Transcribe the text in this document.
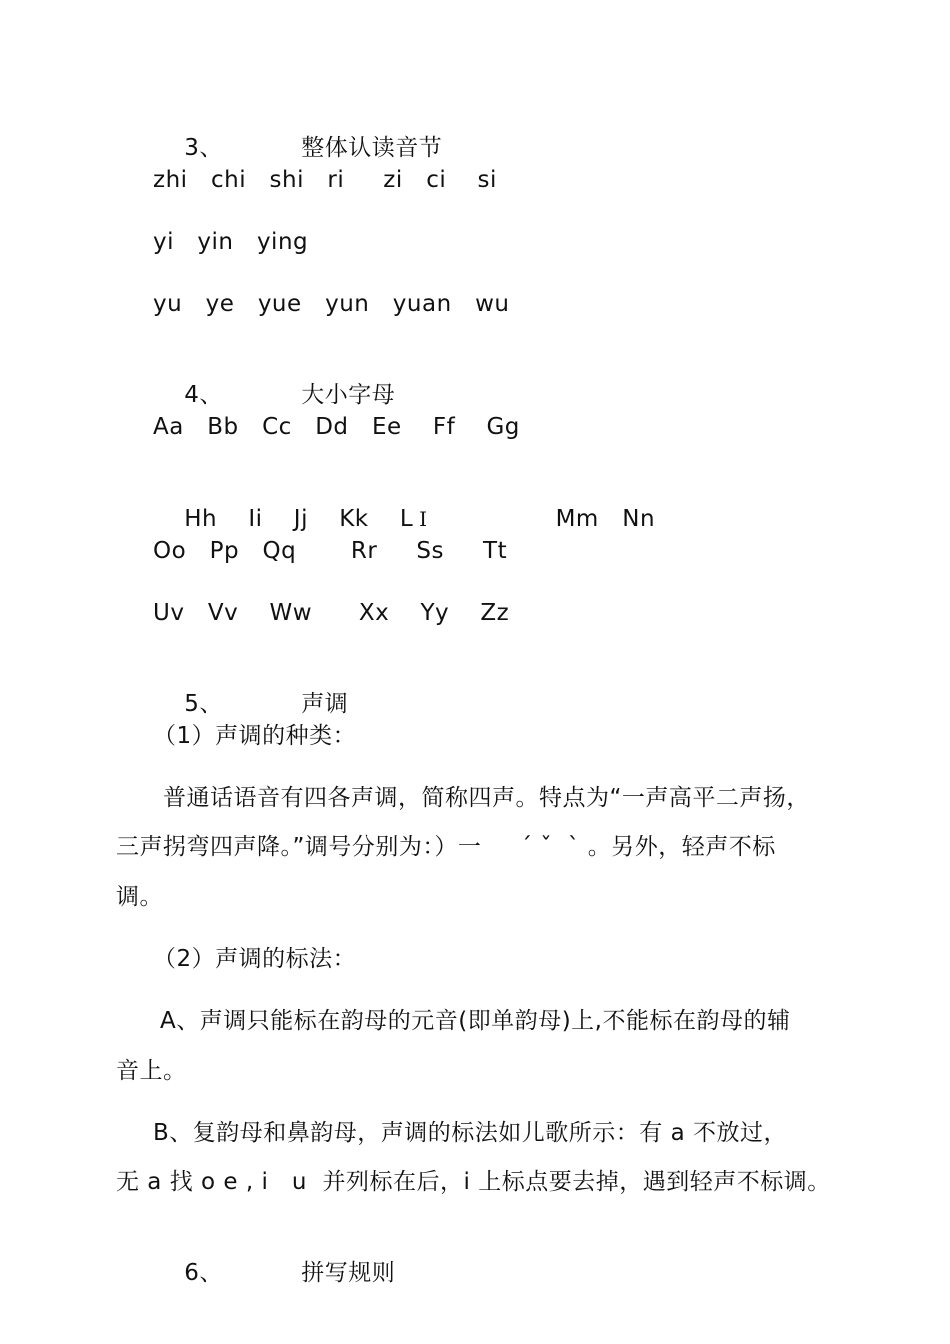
3、	整体认读音节

zhi   chi   shi   ri     zi   ci    si
yi   yin   ying
yu   ye   yue   yun   yuan   wu

4、	大小字母

Aa   Bb   Cc   Dd   Ee    Ff    Gg

Hh    Ii    Jj    Kk    L Ⅰ	Mm   Nn

Oo   Pp   Qq       Rr     Ss     Tt
Uv   Vv    Ww      Xx    Yy    Zz

5、	声调

（1）声调的种类：
普通话语音有四各声调，简称四声。特点为“一声高平二声扬，
三声拐弯四声降。”调号分别为：）一     ˊ ˇ  ˋ 。另外，轻声不标
调。
（2）声调的标法：
A、声调只能标在韵母的元音(即单韵母)上,不能标在韵母的辅
音上。
B、复韵母和鼻韵母，声调的标法如儿歌所示：有 a 不放过，
无 a 找 o e , i   u  并列标在后，i 上标点要去掉，遇到轻声不标调。

6、	拼写规则
